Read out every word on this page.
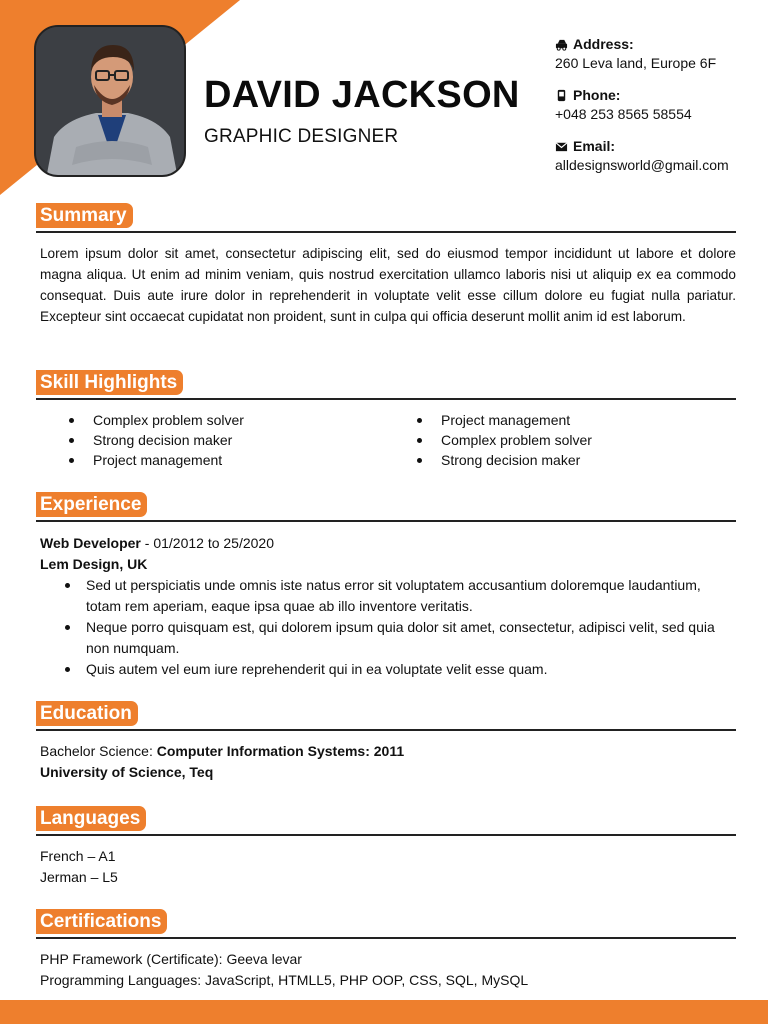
DAVID JACKSON
GRAPHIC DESIGNER
Address:
260 Leva land, Europe 6F
Phone:
+048 253 8565 58554
Email:
alldesignsworld@gmail.com
Summary
Lorem ipsum dolor sit amet, consectetur adipiscing elit, sed do eiusmod tempor incididunt ut labore et dolore magna aliqua. Ut enim ad minim veniam, quis nostrud exercitation ullamco laboris nisi ut aliquip ex ea commodo consequat. Duis aute irure dolor in reprehenderit in voluptate velit esse cillum dolore eu fugiat nulla pariatur. Excepteur sint occaecat cupidatat non proident, sunt in culpa qui officia deserunt mollit anim id est laborum.
Skill Highlights
Complex problem solver
Strong decision maker
Project management
Project management
Complex problem solver
Strong decision maker
Experience
Web Developer - 01/2012 to 25/2020
Lem Design, UK
Sed ut perspiciatis unde omnis iste natus error sit voluptatem accusantium doloremque laudantium, totam rem aperiam, eaque ipsa quae ab illo inventore veritatis.
Neque porro quisquam est, qui dolorem ipsum quia dolor sit amet, consectetur, adipisci velit, sed quia non numquam.
Quis autem vel eum iure reprehenderit qui in ea voluptate velit esse quam.
Education
Bachelor Science: Computer Information Systems: 2011
University of Science, Teq
Languages
French – A1
Jerman – L5
Certifications
PHP Framework (Certificate): Geeva levar
Programming Languages: JavaScript, HTMLL5, PHP OOP, CSS, SQL, MySQL
